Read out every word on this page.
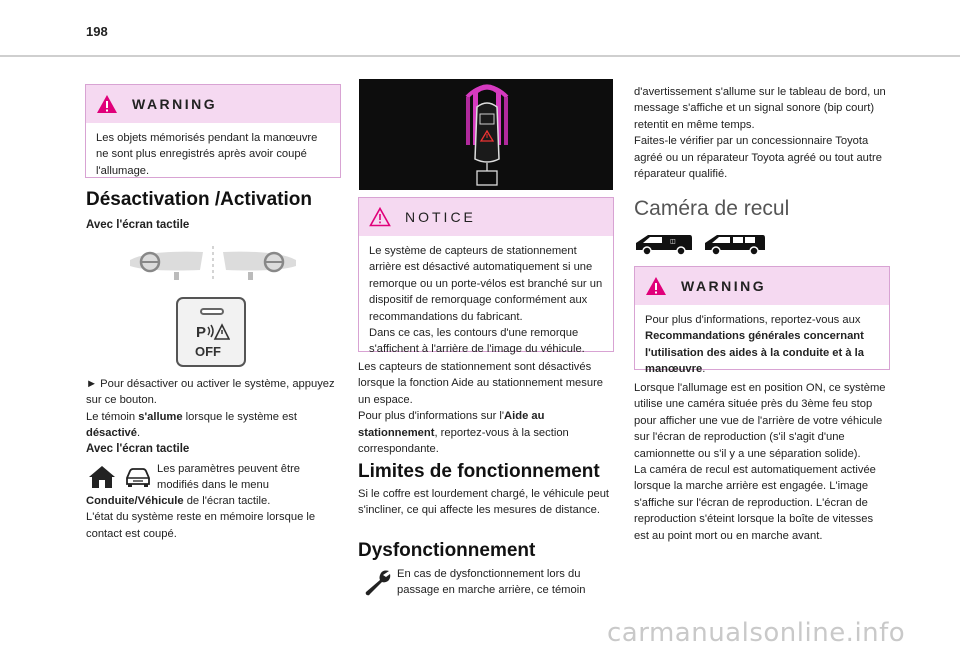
198
WARNING
Les objets mémorisés pendant la manœuvre ne sont plus enregistrés après avoir coupé l'allumage.
Désactivation /Activation
Avec l'écran tactile
P
OFF
► Pour désactiver ou activer le système, appuyez sur ce bouton.
Le témoin s'allume lorsque le système est désactivé.
Avec l'écran tactile
Les paramètres peuvent être modifiés dans le menu
Conduite/Véhicule de l'écran tactile.
L'état du système reste en mémoire lorsque le contact est coupé.
NOTICE
Le système de capteurs de stationnement arrière est désactivé automatiquement si une remorque ou un porte-vélos est branché sur un dispositif de remorquage conformément aux recommandations du fabricant.
Dans ce cas, les contours d'une remorque s'affichent à l'arrière de l'image du véhicule.
Les capteurs de stationnement sont désactivés lorsque la fonction Aide au stationnement mesure un espace.
Pour plus d'informations sur l'Aide au stationnement, reportez-vous à la section correspondante.
Limites de fonctionnement
Si le coffre est lourdement chargé, le véhicule peut s'incliner, ce qui affecte les mesures de distance.
Dysfonctionnement
En cas de dysfonctionnement lors du passage en marche arrière, ce témoin
d'avertissement s'allume sur le tableau de bord, un message s'affiche et un signal sonore (bip court) retentit en même temps.
Faites-le vérifier par un concessionnaire Toyota agréé ou un réparateur Toyota agréé ou tout autre réparateur qualifié.
Caméra de recul
◫
WARNING
Pour plus d'informations, reportez-vous aux Recommandations générales concernant l'utilisation des aides à la conduite et à la manœuvre.
Lorsque l'allumage est en position ON, ce système utilise une caméra située près du 3ème feu stop pour afficher une vue de l'arrière de votre véhicule sur l'écran de reproduction (s'il s'agit d'une camionnette ou s'il y a une séparation solide).
La caméra de recul est automatiquement activée lorsque la marche arrière est engagée. L'image s'affiche sur l'écran de reproduction. L'écran de reproduction s'éteint lorsque la boîte de vitesses est au point mort ou en marche avant.
carmanualsonline.info
